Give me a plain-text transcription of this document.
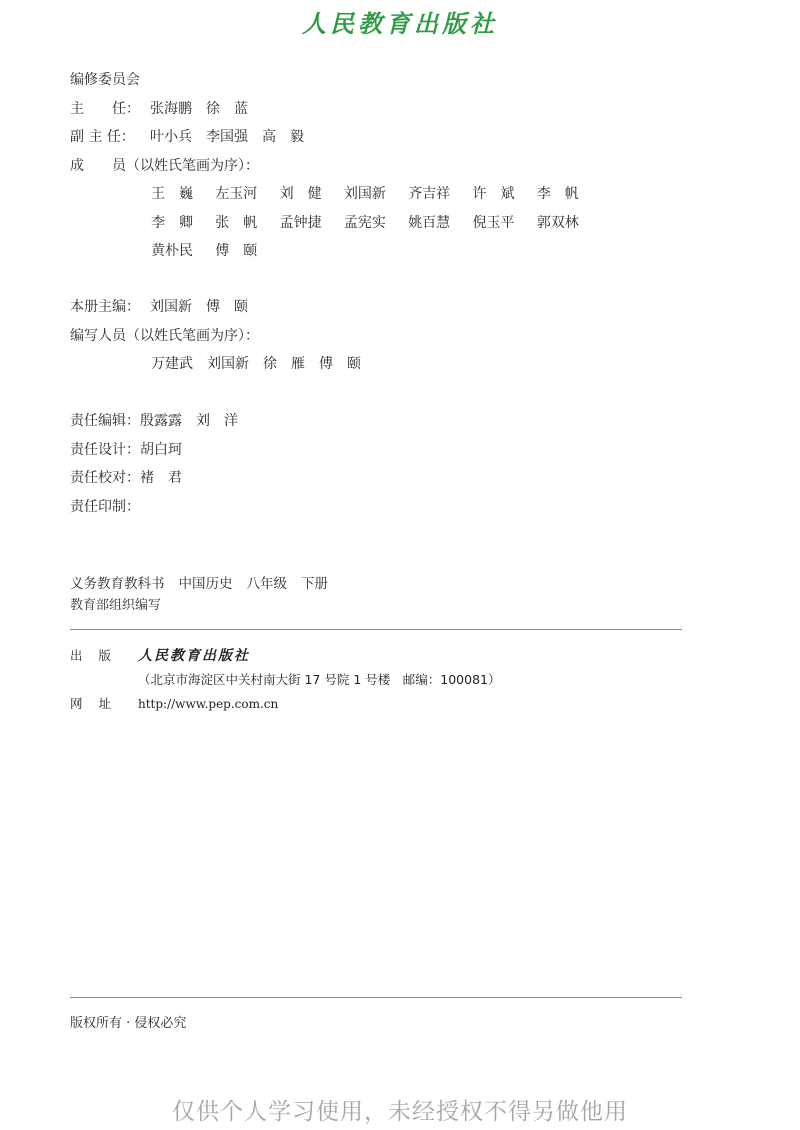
人民教育出版社
编修委员会
主　　任： 张海鹏　徐　蓝
副 主 任： 叶小兵　李国强　高　毅
成　　员（以姓氏笔画为序）：
王　巍	左玉河	刘　健	刘国新	齐吉祥	许　斌	李　帆
李　卿	张　帆	孟钟捷	孟宪实	姚百慧	倪玉平	郭双林
黄朴民	傅　颐
本册主编： 刘国新　傅　颐
编写人员（以姓氏笔画为序）：
万建武　刘国新　徐　雁　傅　颐
责任编辑：殷露露　刘　洋
责任设计：胡白珂
责任校对：褚　君
责任印制：
义务教育教科书 中国历史 八年级 下册
教育部组织编写
出版 人民教育出版社
（北京市海淀区中关村南大街 17 号院 1 号楼　邮编：100081）
网址 http://www.pep.com.cn
版权所有 · 侵权必究
仅供个人学习使用，未经授权不得另做他用
